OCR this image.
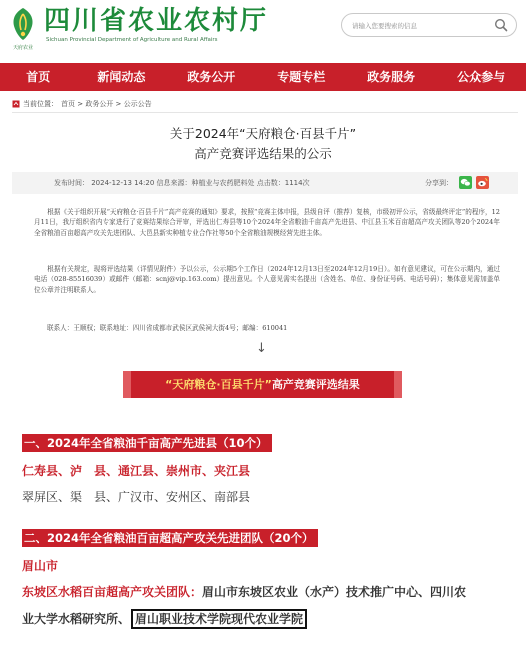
天府农业
四川省农业农村厅
Sichuan Provincial Department of Agriculture and Rural Affairs
请输入您要搜索的信息
首页	新闻动态	政务公开	专题专栏	政务服务	公众参与
当前位置： 首页 > 政务公开 > 公示公告
关于2024年“天府粮仓·百县千片”
高产竞赛评选结果的公示
发布时间： 2024-12-13 14:20 信息来源：种植业与农药肥料处 点击数：1114次	分享到：
根据《关于组织开展“天府粮仓·百县千片”高产竞赛的通知》要求，按照“竞赛主体申报，县级自评（推荐）复核，市级初评公示，省级最终评定”的程序，12月11日，我厅组织省内专家进行了竞赛结果综合评审，评选出仁寿县等10个2024年全省粮油千亩高产先进县、中江县玉米百亩超高产攻关团队等20个2024年全省粮油百亩超高产攻关先进团队、大邑县新实种植专业合作社等50个全省粮油规模经营先进主体。
根据有关规定，现将评选结果（详情见附件）予以公示，公示期5个工作日（2024年12月13日至2024年12月19日）。如有意见建议，可在公示期内，通过电话（028-85516039）或邮件（邮箱：scnj@vip.163.com）提出意见。个人意见需实名提出（含姓名、单位、身份证号码、电话号码）；集体意见需加盖单位公章并注明联系人。
联系人：王顺权；联系地址：四川省成都市武侯区武侯祠大街4号；邮编：610041
↓
“天府粮仓·百县千片”高产竞赛评选结果
一、2024年全省粮油千亩高产先进县（10个）
仁寿县、泸　县、通江县、崇州市、夹江县
翠屏区、渠　县、广汉市、安州区、南部县
二、2024年全省粮油百亩超高产攻关先进团队（20个）
眉山市
东坡区水稻百亩超高产攻关团队：眉山市东坡区农业（水产）技术推广中心、四川农
业大学水稻研究所、 眉山职业技术学院现代农业学院
